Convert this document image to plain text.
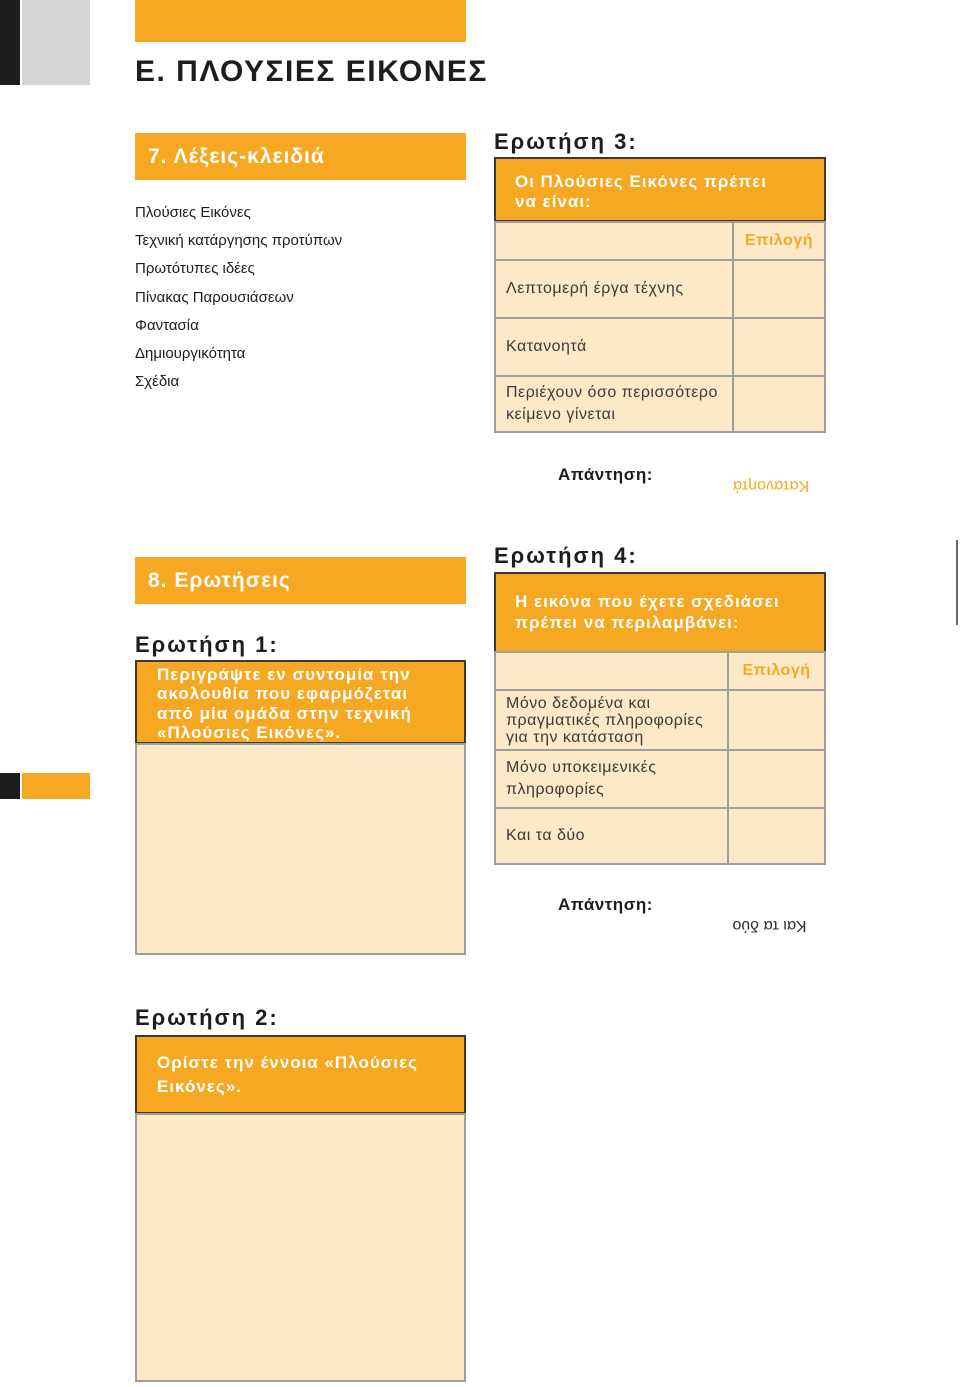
Ε. ΠΛΟΥΣΙΕΣ ΕΙΚΟΝΕΣ
7. Λέξεις-κλειδιά
Πλούσιες Εικόνες
Τεχνική κατάργησης προτύπων
Πρωτότυπες ιδέες
Πίνακας Παρουσιάσεων
Φαντασία
Δημιουργικότητα
Σχέδια
Ερωτήση 3:
Οι Πλούσιες Εικόνες πρέπει
να είναι:
Επιλογή
Λεπτομερή έργα τέχνης
Κατανοητά
Περιέχουν όσο περισσότερο
κείμενο γίνεται
Απάντηση:
Κατανοητά
8. Ερωτήσεις
Ερωτήση 1:
Περιγράψτε εν συντομία την
ακολουθία που εφαρμόζεται
από μία ομάδα στην τεχνική
«Πλούσιες Εικόνες».
Ερωτήση 4:
Η εικόνα που έχετε σχεδιάσει
πρέπει να περιλαμβάνει:
Επιλογή
Μόνο δεδομένα και
πραγματικές πληροφορίες
για την κατάσταση
Μόνο υποκειμενικές
πληροφορίες
Και τα δύο
Απάντηση:
Και τα δύο
Ερωτήση 2:
Ορίστε την έννοια «Πλούσιες
Εικόνες».
